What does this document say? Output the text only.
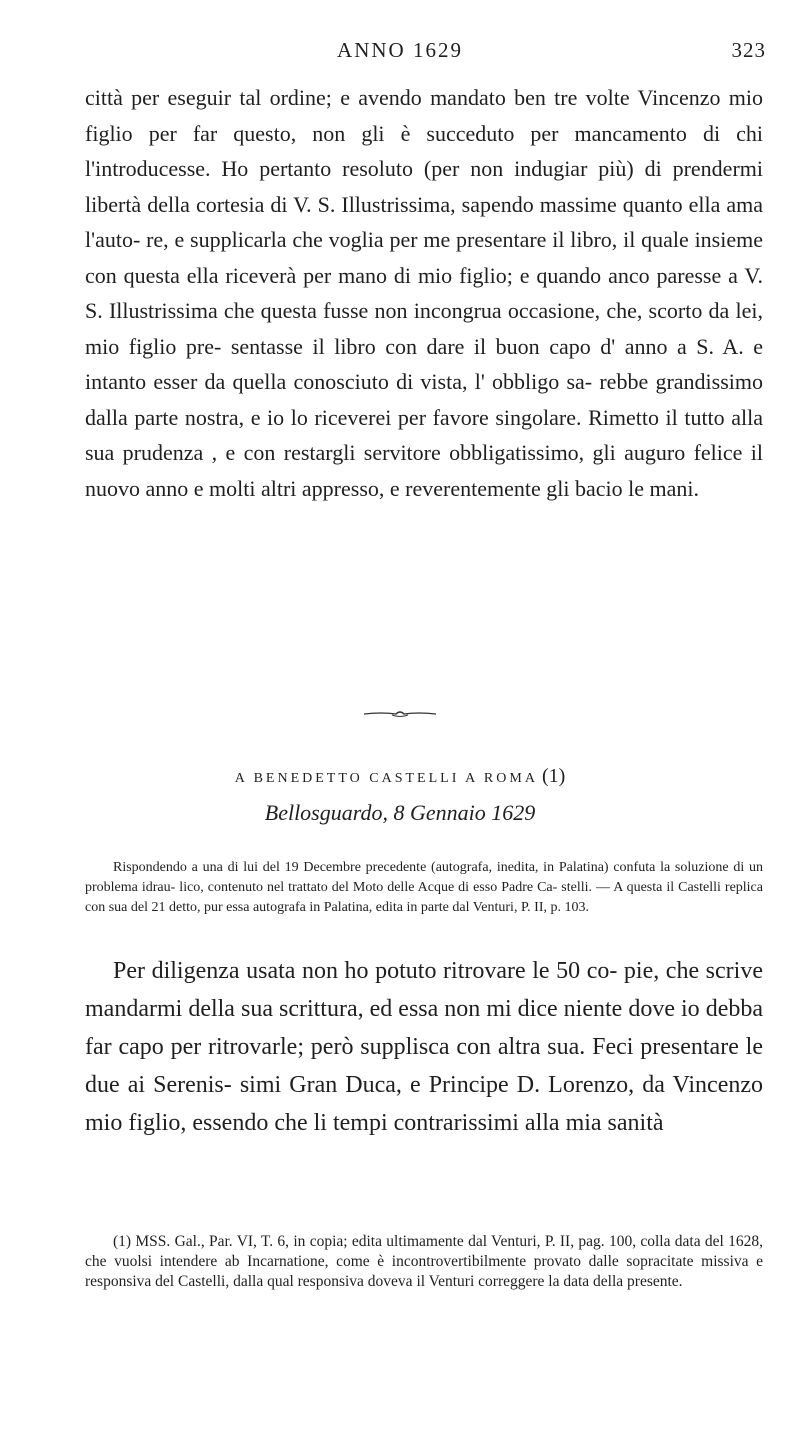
ANNO 1629	323

città per eseguir tal ordine; e avendo mandato ben tre volte Vincenzo mio figlio per far questo, non gli è succeduto per mancamento di chi l'introducesse. Ho pertanto resoluto (per non indugiar più) di prendermi libertà della cortesia di V. S. Illustrissima, sapendo massime quanto ella ama l'auto- re, e supplicarla che voglia per me presentare il libro, il quale insieme con questa ella riceverà per mano di mio figlio; e quando anco paresse a V. S. Illustrissima che questa fusse non incongrua occasione, che, scorto da lei, mio figlio pre- sentasse il libro con dare il buon capo d' anno a S. A. e intanto esser da quella conosciuto di vista, l' obbligo sa- rebbe grandissimo dalla parte nostra, e io lo riceverei per favore singolare. Rimetto il tutto alla sua prudenza , e con restargli servitore obbligatissimo, gli auguro felice il nuovo anno e molti altri appresso, e reverentemente gli bacio le mani.

A BENEDETTO CASTELLI A ROMA (1)
Bellosguardo, 8 Gennaio 1629

Rispondendo a una di lui del 19 Decembre precedente (autografa, inedita, in Palatina) confuta la soluzione di un problema idrau- lico, contenuto nel trattato del Moto delle Acque di esso Padre Ca- stelli. — A questa il Castelli replica con sua del 21 detto, pur essa autografa in Palatina, edita in parte dal Venturi, P. II, p. 103.

Per diligenza usata non ho potuto ritrovare le 50 co- pie, che scrive mandarmi della sua scrittura, ed essa non mi dice niente dove io debba far capo per ritrovarle; però supplisca con altra sua. Feci presentare le due ai Serenis- simi Gran Duca, e Principe D. Lorenzo, da Vincenzo mio figlio, essendo che li tempi contrarissimi alla mia sanità

(1) MSS. Gal., Par. VI, T. 6, in copia; edita ultimamente dal Venturi, P. II, pag. 100, colla data del 1628, che vuolsi intendere ab Incarnatione, come è incontrovertibilmente provato dalle sopracitate missiva e responsiva del Castelli, dalla qual responsiva doveva il Venturi correggere la data della presente.
